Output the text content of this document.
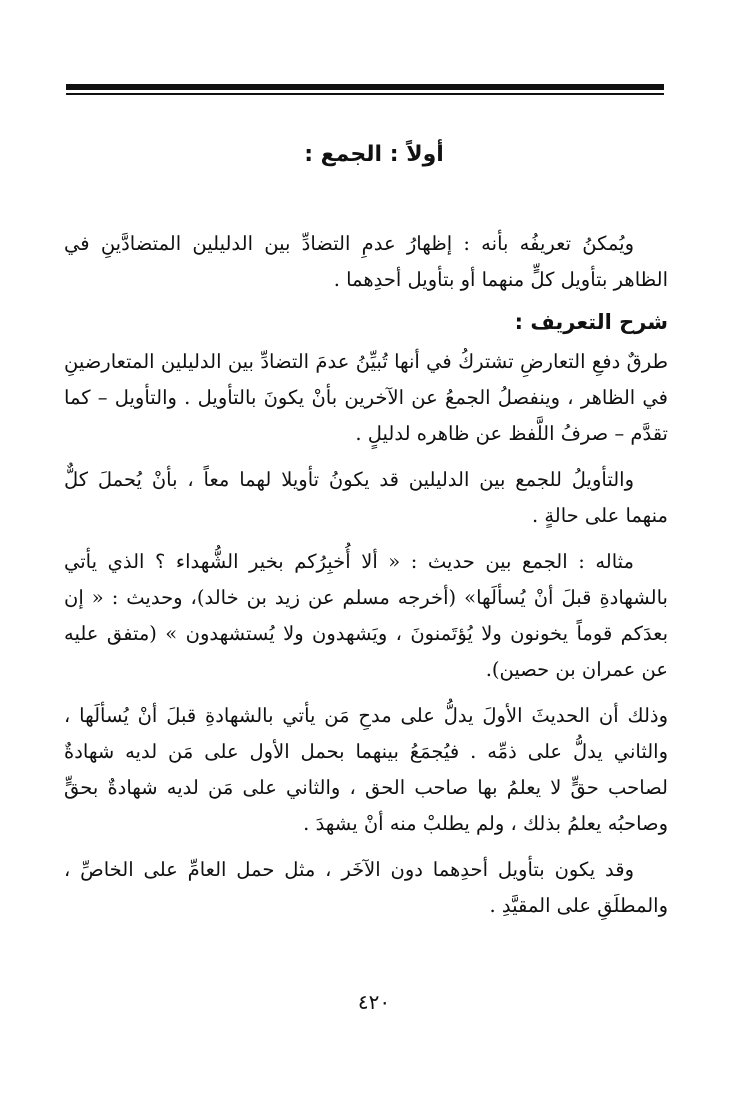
أولاً : الجمع :

ويُمكنُ تعريفُه بأنه : إظهارُ عدمِ التضادِّ بين الدليلين المتضادَّينِ في الظاهر بتأويل كلٍّ منهما أو بتأويل أحدِهما .

شرح التعريف :

طرقٌ دفعِ التعارضِ تشتركُ في أنها تُبيِّنُ عدمَ التضادِّ بين الدليلين المتعارضينِ في الظاهر ، وينفصلُ الجمعُ عن الآخرين بأنْ يكونَ بالتأويل . والتأويل – كما تقدَّم – صرفُ اللَّفظ عن ظاهره لدليلٍ .

والتأويلُ للجمع بين الدليلين قد يكونُ تأويلا لهما معاً ، بأنْ يُحملَ كلٌّ منهما على حالةٍ .

مثاله : الجمع بين حديث : « ألا أُخبِرُكم بخير الشُّهداء ؟ الذي يأتي بالشهادةِ قبلَ أنْ يُسألَها» (أخرجه مسلم عن زيد بن خالد)، وحديث : « إن بعدَكم قوماً يخونون ولا يُؤتَمنونَ ، ويَشهدون ولا يُستشهدون » (متفق عليه عن عمران بن حصين).

وذلك أن الحديثَ الأولَ يدلُّ على مدحِ مَن يأتي بالشهادةِ قبلَ أنْ يُسألَها ، والثاني يدلُّ على ذمِّه . فيُجمَعُ بينهما بحمل الأول على مَن لديه شهادةٌ لصاحب حقٍّ لا يعلمُ بها صاحب الحق ، والثاني على مَن لديه شهادةٌ بحقٍّ وصاحبُه يعلمُ بذلك ، ولم يطلبْ منه أنْ يشهدَ .

وقد يكون بتأويل أحدِهما دون الآخَر ، مثل حمل العامِّ على الخاصِّ ، والمطلَقِ على المقيَّدِ .

٤٢٠
